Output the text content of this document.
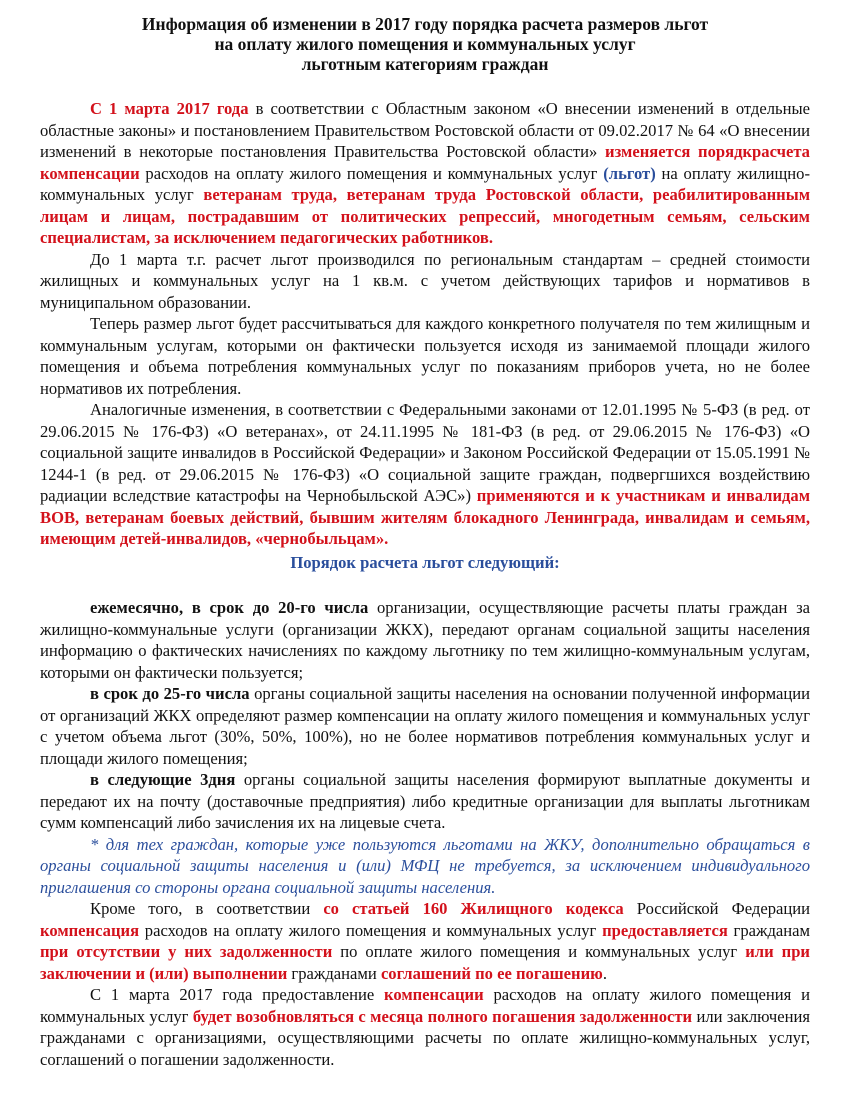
Информация об изменении в 2017 году порядка расчета размеров льгот
на оплату жилого помещения и коммунальных услуг
льготным категориям граждан

С 1 марта 2017 года в соответствии с Областным законом «О внесении изменений в отдельные областные законы» и постановлением Правительством Ростовской области от 09.02.2017 № 64 «О внесении изменений в некоторые постановления Правительства Ростовской области» изменяется порядкрасчета компенсации расходов на оплату жилого помещения и коммунальных услуг (льгот) на оплату жилищно-коммунальных услуг ветеранам труда, ветеранам труда Ростовской области, реабилитированным лицам и лицам, пострадавшим от политических репрессий, многодетным семьям, сельским специалистам, за исключением педагогических работников.

До 1 марта т.г. расчет льгот производился по региональным стандартам – средней стоимости жилищных и коммунальных услуг на 1 кв.м. с учетом действующих тарифов и нормативов в муниципальном образовании.

Теперь размер льгот будет рассчитываться для каждого конкретного получателя по тем жилищным и коммунальным услугам, которыми он фактически пользуется исходя из занимаемой площади жилого помещения и объема потребления коммунальных услуг по показаниям приборов учета, но не более нормативов их потребления.

Аналогичные изменения, в соответствии с Федеральными законами от 12.01.1995 № 5-ФЗ (в ред. от 29.06.2015 № 176-ФЗ) «О ветеранах», от 24.11.1995 № 181-ФЗ (в ред. от 29.06.2015 № 176-ФЗ) «О социальной защите инвалидов в Российской Федерации» и Законом Российской Федерации от 15.05.1991 № 1244-1 (в ред. от 29.06.2015 № 176-ФЗ) «О социальной защите граждан, подвергшихся воздействию радиации вследствие катастрофы на Чернобыльской АЭС») применяются и к участникам и инвалидам ВОВ, ветеранам боевых действий, бывшим жителям блокадного Ленинграда, инвалидам и семьям, имеющим детей-инвалидов, «чернобыльцам».

Порядок расчета льгот следующий:

ежемесячно, в срок до 20-го числа организации, осуществляющие расчеты платы граждан за жилищно-коммунальные услуги (организации ЖКХ), передают органам социальной защиты населения информацию о фактических начислениях по каждому льготнику по тем жилищно-коммунальным услугам, которыми он фактически пользуется;

в срок до 25-го числа органы социальной защиты населения на основании полученной информации от организаций ЖКХ определяют размер компенсации на оплату жилого помещения и коммунальных услуг с учетом объема льгот (30%, 50%, 100%), но не более нормативов потребления коммунальных услуг и площади жилого помещения;

в следующие 3дня органы социальной защиты населения формируют выплатные документы и передают их на почту (доставочные предприятия) либо кредитные организации для выплаты льготникам сумм компенсаций либо зачисления их на лицевые счета.

* для тех граждан, которые уже пользуются льготами на ЖКУ, дополнительно обращаться в органы социальной защиты населения и (или) МФЦ не требуется, за исключением индивидуального приглашения со стороны органа социальной защиты населения.

Кроме того, в соответствии со статьей 160 Жилищного кодекса Российской Федерации компенсация расходов на оплату жилого помещения и коммунальных услуг предоставляется гражданам при отсутствии у них задолженности по оплате жилого помещения и коммунальных услуг или при заключении и (или) выполнении гражданами соглашений по ее погашению.

С 1 марта 2017 года предоставление компенсации расходов на оплату жилого помещения и коммунальных услуг будет возобновляться с месяца полного погашения задолженности или заключения гражданами с организациями, осуществляющими расчеты по оплате жилищно-коммунальных услуг, соглашений о погашении задолженности.
